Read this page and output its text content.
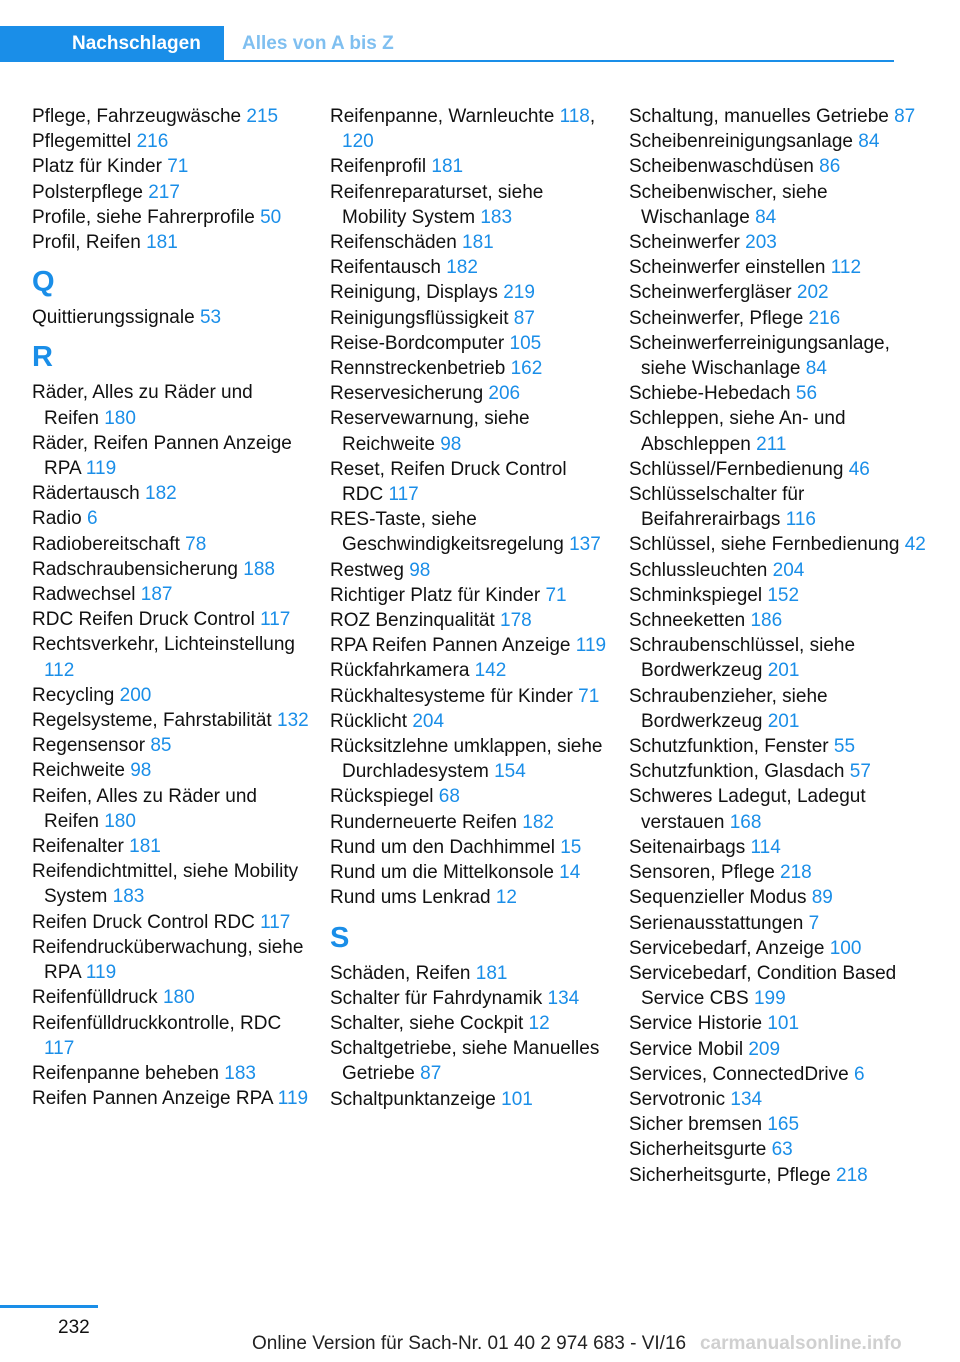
Nachschlagen	Alles von A bis Z

Pflege, Fahrzeugwäsche 215

Pflegemittel 216

Platz für Kinder 71

Polsterpflege 217

Profile, siehe Fahrerprofile 50

Profil, Reifen 181

Q

Quittierungssignale 53

R

Räder, Alles zu Räder und Reifen 180

Räder, Reifen Pannen Anzeige RPA 119

Rädertausch 182

Radio 6

Radiobereitschaft 78

Radschraubensicherung 188

Radwechsel 187

RDC Reifen Druck Control 117

Rechtsverkehr, Lichteinstellung 112

Recycling 200

Regelsysteme, Fahrstabilität 132

Regensensor 85

Reichweite 98

Reifen, Alles zu Räder und Reifen 180

Reifenalter 181

Reifendichtmittel, siehe Mobility System 183

Reifen Druck Control RDC 117

Reifendrucküberwachung, siehe RPA 119

Reifenfülldruck 180

Reifenfülldruckkontrolle, RDC 117

Reifenpanne beheben 183

Reifen Pannen Anzeige RPA 119

Reifenpanne, Warnleuchte 118, 120

Reifenprofil 181

Reifenreparaturset, siehe Mobility System 183

Reifenschäden 181

Reifentausch 182

Reinigung, Displays 219

Reinigungsflüssigkeit 87

Reise-Bordcomputer 105

Rennstreckenbetrieb 162

Reservesicherung 206

Reservewarnung, siehe Reichweite 98

Reset, Reifen Druck Control RDC 117

RES-Taste, siehe Geschwindigkeitsregelung 137

Restweg 98

Richtiger Platz für Kinder 71

ROZ Benzinqualität 178

RPA Reifen Pannen Anzeige 119

Rückfahrkamera 142

Rückhaltesysteme für Kinder 71

Rücklicht 204

Rücksitzlehne umklappen, siehe Durchladesystem 154

Rückspiegel 68

Runderneuerte Reifen 182

Rund um den Dachhimmel 15

Rund um die Mittelkonsole 14

Rund ums Lenkrad 12

S

Schäden, Reifen 181

Schalter für Fahrdynamik 134

Schalter, siehe Cockpit 12

Schaltgetriebe, siehe Manuelles Getriebe 87

Schaltpunktanzeige 101

Schaltung, manuelles Getriebe 87

Scheibenreinigungsanlage 84

Scheibenwaschdüsen 86

Scheibenwischer, siehe Wischanlage 84

Scheinwerfer 203

Scheinwerfer einstellen 112

Scheinwerfergläser 202

Scheinwerfer, Pflege 216

Scheinwerferreinigungsanlage, siehe Wischanlage 84

Schiebe-Hebedach 56

Schleppen, siehe An- und Abschleppen 211

Schlüssel/Fernbedienung 46

Schlüsselschalter für Beifahrerairbags 116

Schlüssel, siehe Fernbedienung 42

Schlussleuchten 204

Schminkspiegel 152

Schneeketten 186

Schraubenschlüssel, siehe Bordwerkzeug 201

Schraubenzieher, siehe Bordwerkzeug 201

Schutzfunktion, Fenster 55

Schutzfunktion, Glasdach 57

Schweres Ladegut, Ladegut verstauen 168

Seitenairbags 114

Sensoren, Pflege 218

Sequenzieller Modus 89

Serienausstattungen 7

Servicebedarf, Anzeige 100

Servicebedarf, Condition Based Service CBS 199

Service Historie 101

Service Mobil 209

Services, ConnectedDrive 6

Servotronic 134

Sicher bremsen 165

Sicherheitsgurte 63

Sicherheitsgurte, Pflege 218

232
Online Version für Sach-Nr. 01 40 2 974 683 - VI/16 carmanualsonline.info
